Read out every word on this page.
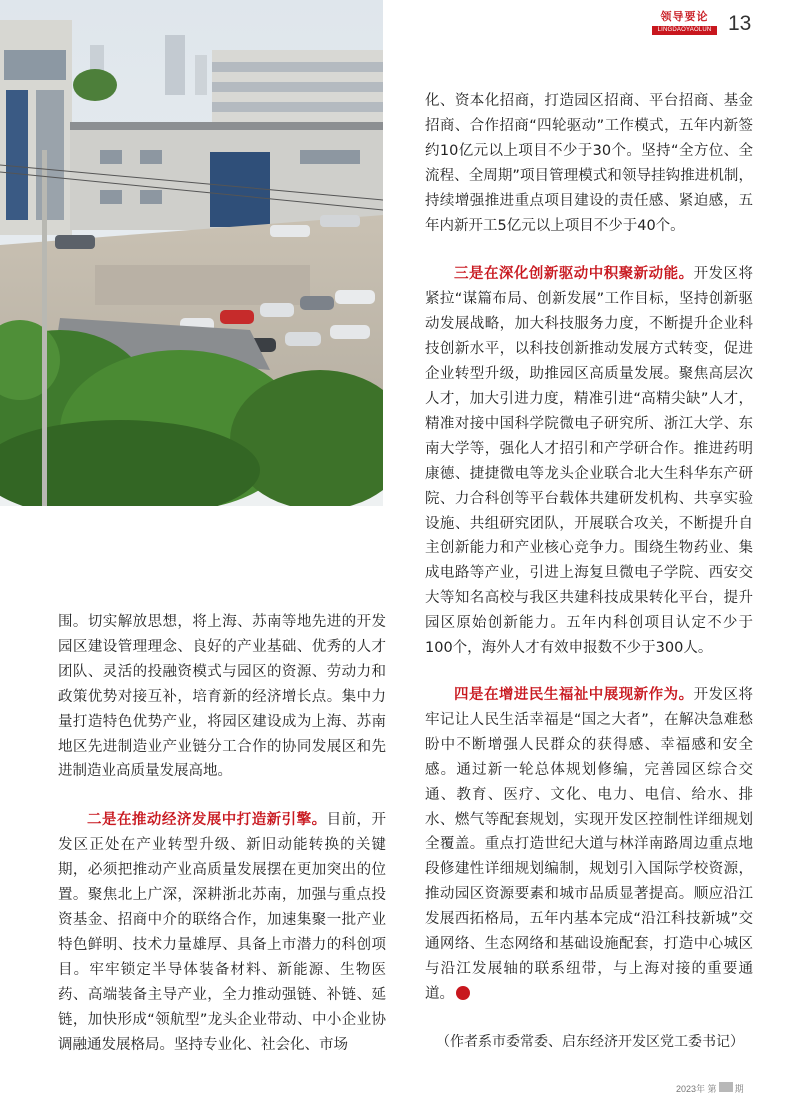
领导要论
LINGDAOYAOLUN 13

化、资本化招商，打造园区招商、平台招商、基金招商、合作招商“四轮驱动”工作模式，五年内新签约10亿元以上项目不少于30个。坚持“全方位、全流程、全周期”项目管理模式和领导挂钩推进机制，持续增强推进重点项目建设的责任感、紧迫感，五年内新开工5亿元以上项目不少于40个。

三是在深化创新驱动中积聚新动能。开发区将紧拉“谋篇布局、创新发展”工作目标，坚持创新驱动发展战略，加大科技服务力度，不断提升企业科技创新水平，以科技创新推动发展方式转变，促进企业转型升级，助推园区高质量发展。聚焦高层次人才，加大引进力度，精准引进“高精尖缺”人才，精准对接中国科学院微电子研究所、浙江大学、东南大学等，强化人才招引和产学研合作。推进药明康德、捷捷微电等龙头企业联合北大生科华东产研院、力合科创等平台载体共建研发机构、共享实验设施、共组研究团队，开展联合攻关，不断提升自主创新能力和产业核心竞争力。围绕生物药业、集成电路等产业，引进上海复旦微电子学院、西安交大等知名高校与我区共建科技成果转化平台，提升园区原始创新能力。五年内科创项目认定不少于100个，海外人才有效申报数不少于300人。

围。切实解放思想，将上海、苏南等地先进的开发园区建设管理理念、良好的产业基础、优秀的人才团队、灵活的投融资模式与园区的资源、劳动力和政策优势对接互补，培育新的经济增长点。集中力量打造特色优势产业，将园区建设成为上海、苏南地区先进制造业产业链分工合作的协同发展区和先进制造业高质量发展高地。

二是在推动经济发展中打造新引擎。目前，开发区正处在产业转型升级、新旧动能转换的关键期，必须把推动产业高质量发展摆在更加突出的位置。聚焦北上广深，深耕浙北苏南，加强与重点投资基金、招商中介的联络合作，加速集聚一批产业特色鲜明、技术力量雄厚、具备上市潜力的科创项目。牢牢锁定半导体装备材料、新能源、生物医药、高端装备主导产业，全力推动强链、补链、延链，加快形成“领航型”龙头企业带动、中小企业协调融通发展格局。坚持专业化、社会化、市场

四是在增进民生福祉中展现新作为。开发区将牢记让人民生活幸福是“国之大者”，在解决急难愁盼中不断增强人民群众的获得感、幸福感和安全感。通过新一轮总体规划修编，完善园区综合交通、教育、医疗、文化、电力、电信、给水、排水、燃气等配套规划，实现开发区控制性详细规划全覆盖。重点打造世纪大道与林洋南路周边重点地段修建性详细规划编制，规划引入国际学校资源，推动园区资源要素和城市品质显著提高。顺应沿江发展西拓格局，五年内基本完成“沿江科技新城”交通网络、生态网络和基础设施配套，打造中心城区与沿江发展轴的联系纽带，与上海对接的重要通道。

（作者系市委常委、启东经济开发区党工委书记）
2023年 第 期
